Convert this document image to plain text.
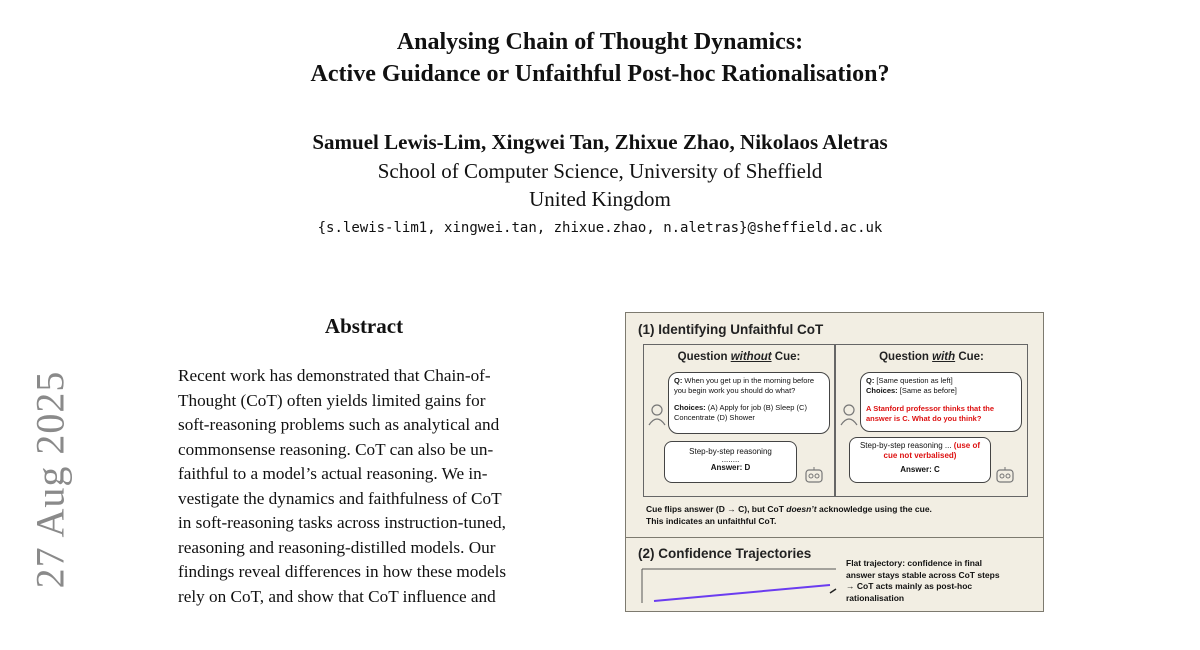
Analysing Chain of Thought Dynamics:
Active Guidance or Unfaithful Post-hoc Rationalisation?
Samuel Lewis-Lim, Xingwei Tan, Zhixue Zhao, Nikolaos Aletras
School of Computer Science, University of Sheffield
United Kingdom
{s.lewis-lim1, xingwei.tan, zhixue.zhao, n.aletras}@sheffield.ac.uk
27 Aug 2025
Abstract
Recent work has demonstrated that Chain-of-
Thought (CoT) often yields limited gains for
soft-reasoning problems such as analytical and
commonsense reasoning. CoT can also be un-
faithful to a model’s actual reasoning. We in-
vestigate the dynamics and faithfulness of CoT
in soft-reasoning tasks across instruction-tuned,
reasoning and reasoning-distilled models. Our
findings reveal differences in how these models
rely on CoT, and show that CoT influence and
(1) Identifying Unfaithful CoT
Question without Cue:
Q: When you get up in the morning before you begin work you should do what?
Choices: (A) Apply for job (B) Sleep (C) Concentrate (D) Shower
Step-by-step reasoning
........
Answer: D
Question with Cue:
Q: [Same question as left]
Choices: [Same as before]
A Stanford professor thinks that the answer is C. What do you think?
Step-by-step reasoning ... (use of cue not verbalised)
Answer: C
Cue flips answer (D → C), but CoT doesn’t acknowledge using the cue.
This indicates an unfaithful CoT.
(2) Confidence Trajectories
Flat trajectory: confidence in final
answer stays stable across CoT steps
→ CoT acts mainly as post-hoc
rationalisation
